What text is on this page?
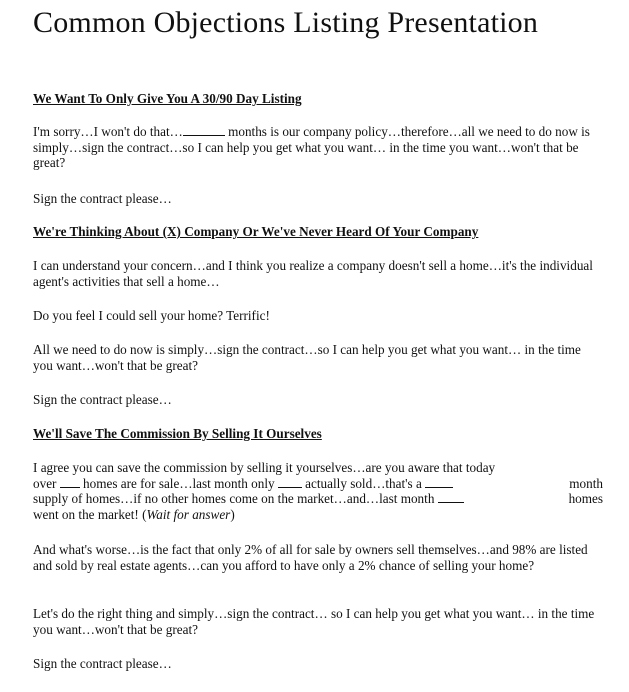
Common Objections Listing Presentation
We Want To Only Give You A 30/90 Day Listing

I'm sorry…I won't do that…	months is our company policy…therefore…all we need to do now is simply…sign the contract…so I can help you get what you want… in the time you want…won't that be great?

Sign the contract please…

We're Thinking About (X) Company Or We've Never Heard Of Your Company

I can understand your concern…and I think you realize a company doesn't sell a home…it's the individual agent's activities that sell a home…

Do you feel I could sell your home? Terrific!

All we need to do now is simply…sign the contract…so I can help you get what you want… in the time you want…won't that be great?

Sign the contract please…

We'll Save The Commission By Selling It Ourselves
I agree you can save the commission by selling it yourselves…are you aware that today
over homes are for sale…last month only actually sold…that's a	month
supply of homes…if no other homes come on the market…and…last month	homes
went on the market! (Wait for answer)

And what's worse…is the fact that only 2% of all for sale by owners sell themselves…and 98% are listed and sold by real estate agents…can you afford to have only a 2% chance of selling your home?

Let's do the right thing and simply…sign the contract… so I can help you get what you want… in the time you want…won't that be great?

Sign the contract please…
